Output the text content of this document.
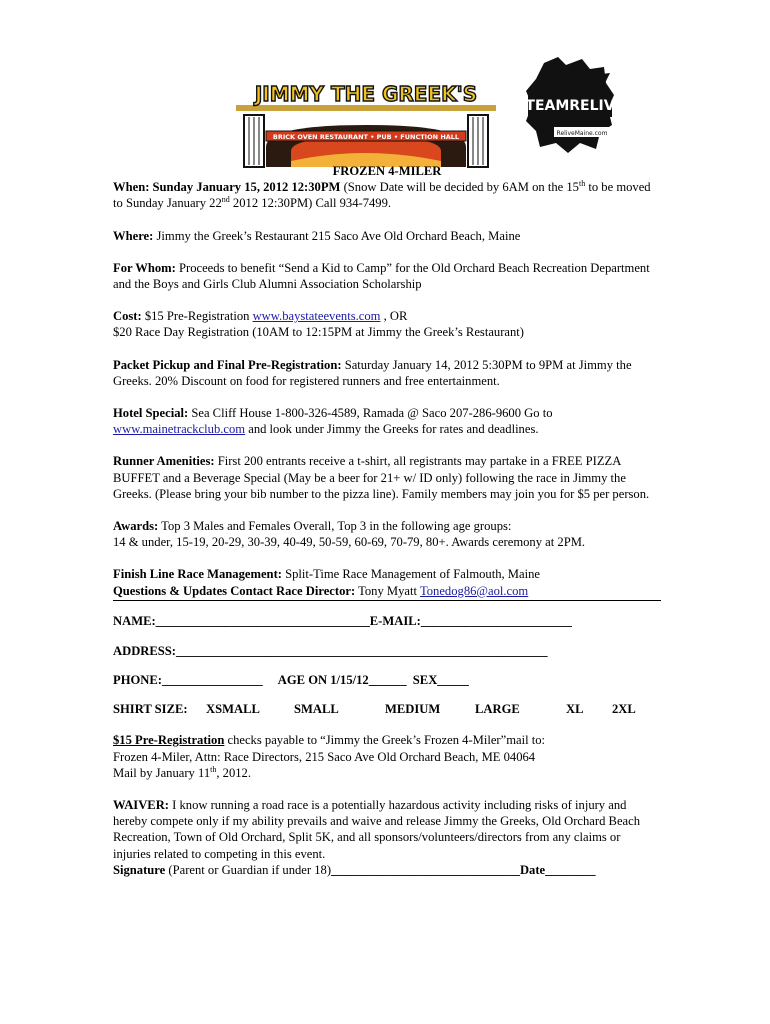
JIMMY THE GREEK'S
BRICK OVEN RESTAURANT • PUB • FUNCTION HALL
TEAMRELIV
ReliveMaine.com
FROZEN 4-MILER

When: Sunday January 15, 2012 12:30PM (Snow Date will be decided by 6AM on the 15th to be moved to Sunday January 22nd 2012 12:30PM) Call 934-7499.

Where: Jimmy the Greek’s Restaurant 215 Saco Ave Old Orchard Beach, Maine

For Whom: Proceeds to benefit “Send a Kid to Camp” for the Old Orchard Beach Recreation Department and the Boys and Girls Club Alumni Association Scholarship

Cost: $15 Pre-Registration www.baystateevents.com , OR

$20 Race Day Registration (10AM to 12:15PM at Jimmy the Greek’s Restaurant)

Packet Pickup and Final Pre-Registration: Saturday January 14, 2012 5:30PM to 9PM at Jimmy the Greeks. 20% Discount on food for registered runners and free entertainment.

Hotel Special: Sea Cliff House 1-800-326-4589, Ramada @ Saco 207-286-9600 Go to www.mainetrackclub.com and look under Jimmy the Greeks for rates and deadlines.

Runner Amenities: First 200 entrants receive a t-shirt, all registrants may partake in a FREE PIZZA BUFFET and a Beverage Special (May be a beer for 21+ w/ ID only) following the race in Jimmy the Greeks. (Please bring your bib number to the pizza line). Family members may join you for $5 per person.

Awards: Top 3 Males and Females Overall, Top 3 in the following age groups:

14 & under, 15-19, 20-29, 30-39, 40-49, 50-59, 60-69, 70-79, 80+. Awards ceremony at 2PM.

Finish Line Race Management: Split-Time Race Management of Falmouth, Maine

Questions & Updates Contact Race Director: Tony Myatt Tonedog86@aol.com

NAME:__________________________________E-MAIL:________________________

ADDRESS:___________________________________________________________

PHONE:________________     AGE ON 1/15/12______  SEX_____

SHIRT SIZE: XSMALL	SMALL	MEDIUM	LARGE	XL 2XL

$15 Pre-Registration checks payable to “Jimmy the Greek’s Frozen 4-Miler”mail to:

Frozen 4-Miler, Attn: Race Directors, 215 Saco Ave Old Orchard Beach, ME 04064

Mail by January 11th, 2012.

WAIVER: I know running a road race is a potentially hazardous activity including risks of injury and hereby compete only if my ability prevails and waive and release Jimmy the Greeks, Old Orchard Beach Recreation, Town of Old Orchard, Split 5K, and all sponsors/volunteers/directors from any claims or injuries related to competing in this event.

Signature (Parent or Guardian if under 18)______________________________Date________
